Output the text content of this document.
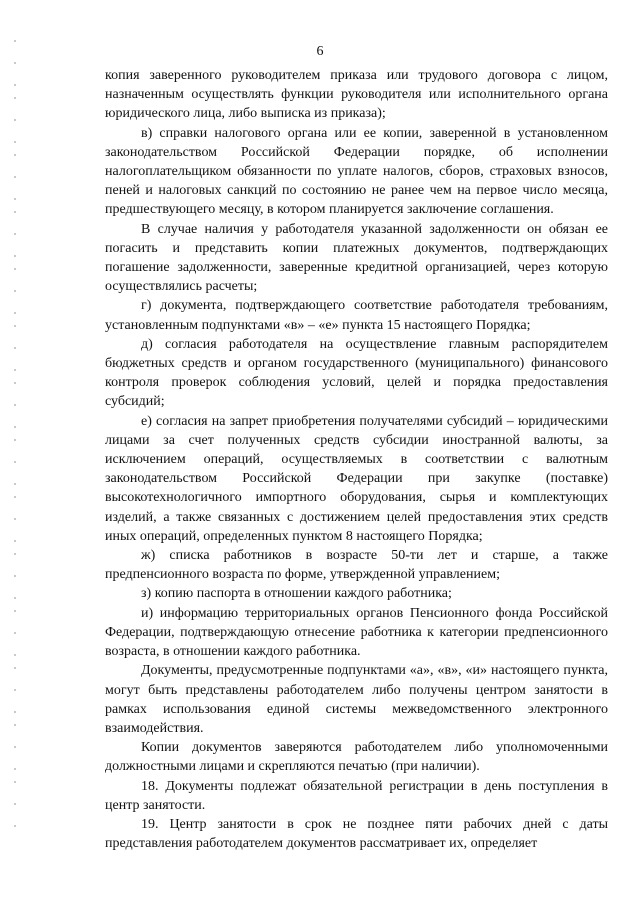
6

копия заверенного руководителем приказа или трудового договора с лицом, назначенным осуществлять функции руководителя или исполнительного органа юридического лица, либо выписка из приказа);

в) справки налогового органа или ее копии, заверенной в установленном законодательством Российской Федерации порядке, об исполнении налогоплательщиком обязанности по уплате налогов, сборов, страховых взносов, пеней и налоговых санкций по состоянию не ранее чем на первое число месяца, предшествующего месяцу, в котором планируется заключение соглашения.

В случае наличия у работодателя указанной задолженности он обязан ее погасить и представить копии платежных документов, подтверждающих погашение задолженности, заверенные кредитной организацией, через которую осуществлялись расчеты;

г) документа, подтверждающего соответствие работодателя требованиям, установленным подпунктами «в» – «е» пункта 15 настоящего Порядка;

д) согласия работодателя на осуществление главным распорядителем бюджетных средств и органом государственного (муниципального) финансового контроля проверок соблюдения условий, целей и порядка предоставления субсидий;

е) согласия на запрет приобретения получателями субсидий – юридическими лицами за счет полученных средств субсидии иностранной валюты, за исключением операций, осуществляемых в соответствии с валютным законодательством Российской Федерации при закупке (поставке) высокотехнологичного импортного оборудования, сырья и комплектующих изделий, а также связанных с достижением целей предоставления этих средств иных операций, определенных пунктом 8 настоящего Порядка;

ж) списка работников в возрасте 50-ти лет и старше, а также предпенсионного возраста по форме, утвержденной управлением;

з) копию паспорта в отношении каждого работника;

и) информацию территориальных органов Пенсионного фонда Российской Федерации, подтверждающую отнесение работника к категории предпенсионного возраста, в отношении каждого работника.

Документы, предусмотренные подпунктами «а», «в», «и» настоящего пункта, могут быть представлены работодателем либо получены центром занятости в рамках использования единой системы межведомственного электронного взаимодействия.

Копии документов заверяются работодателем либо уполномоченными должностными лицами и скрепляются печатью (при наличии).

18. Документы подлежат обязательной регистрации в день поступления в центр занятости.

19. Центр занятости в срок не позднее пяти рабочих дней с даты представления работодателем документов рассматривает их, определяет
